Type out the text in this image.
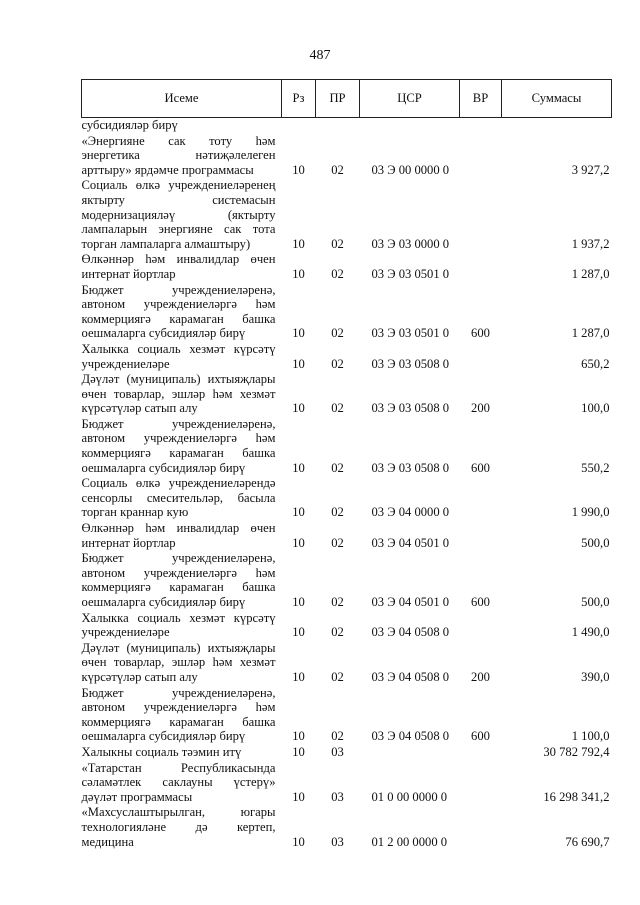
487
Исеме	Рз	ПР	ЦСР	ВР	Суммасы
субсидияләр бирү					
«Энергияне сак тоту һәм энергетика нәтиҗәлелеген арттыру» ярдәмче программасы	10	02	03 Э 00 0000 0		3 927,2
Социаль өлкә учреждениеләренең яктырту системасын модернизацияләү (яктырту лампаларын энергияне сак тота торган лампаларга алмаштыру)	10	02	03 Э 03 0000 0		1 937,2
Өлкәннәр һәм инвалидлар өчен интернат йортлар	10	02	03 Э 03 0501 0		1 287,0
Бюджет учреждениеләренә, автоном учреждениеләргә һәм коммерциягә карамаган башка оешмаларга субсидияләр бирү	10	02	03 Э 03 0501 0	600	1 287,0
Халыкка социаль хезмәт күрсәтү учреждениеләре	10	02	03 Э 03 0508 0		650,2
Дәүләт (муниципаль) ихтыяҗлары өчен товарлар, эшләр һәм хезмәт күрсәтүләр сатып алу	10	02	03 Э 03 0508 0	200	100,0
Бюджет учреждениеләренә, автоном учреждениеләргә һәм коммерциягә карамаган башка оешмаларга субсидияләр бирү	10	02	03 Э 03 0508 0	600	550,2
Социаль өлкә учреждениеләрендә сенсорлы смесительләр, басыла торган краннар кую	10	02	03 Э 04 0000 0		1 990,0
Өлкәннәр һәм инвалидлар өчен интернат йортлар	10	02	03 Э 04 0501 0		500,0
Бюджет учреждениеләренә, автоном учреждениеләргә һәм коммерциягә карамаган башка оешмаларга субсидияләр бирү	10	02	03 Э 04 0501 0	600	500,0
Халыкка социаль хезмәт күрсәтү учреждениеләре	10	02	03 Э 04 0508 0		1 490,0
Дәүләт (муниципаль) ихтыяҗлары өчен товарлар, эшләр һәм хезмәт күрсәтүләр сатып алу	10	02	03 Э 04 0508 0	200	390,0
Бюджет учреждениеләренә, автоном учреждениеләргә һәм коммерциягә карамаган башка оешмаларга субсидияләр бирү	10	02	03 Э 04 0508 0	600	1 100,0
Халыкны социаль тәэмин итү	10	03			30 782 792,4
«Татарстан Республикасында сәламәтлек саклауны үстерү» дәүләт программасы	10	03	01 0 00 0000 0		16 298 341,2
«Махсуслаштырылган, югары технологияләне дә кертеп, медицина	10	03	01 2 00 0000 0		76 690,7
